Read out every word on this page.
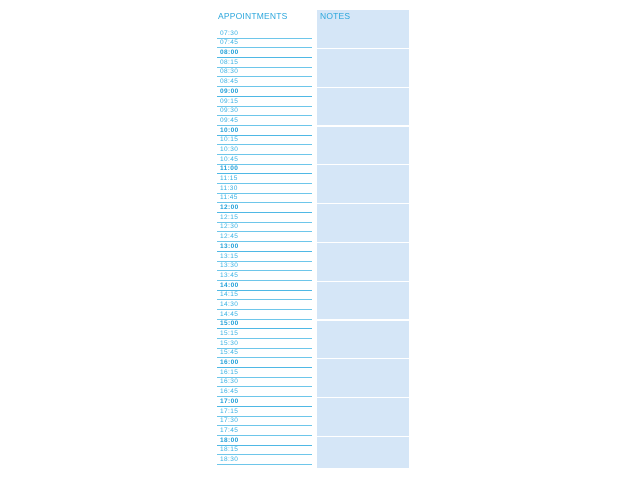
APPOINTMENTS
07:30
07:45
08:00
08:15
08:30
08:45
09:00
09:15
09:30
09:45
10:00
10:15
10:30
10:45
11:00
11:15
11:30
11:45
12:00
12:15
12:30
12:45
13:00
13:15
13:30
13:45
14:00
14:15
14:30
14:45
15:00
15:15
15:30
15:45
16:00
16:15
16:30
16:45
17:00
17:15
17:30
17:45
18:00
18:15
18:30
NOTES
